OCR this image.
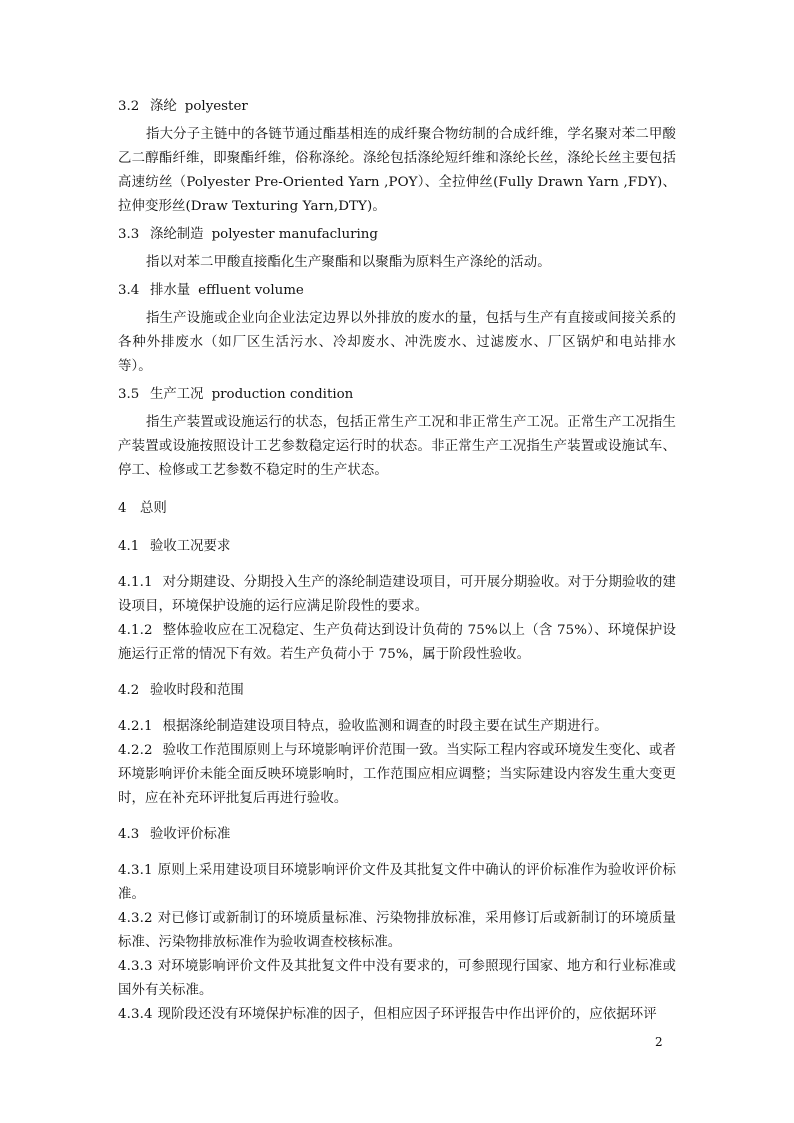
3.2 涤纶 polyester

指大分子主链中的各链节通过酯基相连的成纤聚合物纺制的合成纤维，学名聚对苯二甲酸乙二醇酯纤维，即聚酯纤维，俗称涤纶。涤纶包括涤纶短纤维和涤纶长丝，涤纶长丝主要包括高速纺丝（Polyester Pre-Oriented Yarn ,POY）、全拉伸丝(Fully Drawn Yarn ,FDY)、拉伸变形丝(Draw Texturing Yarn,DTY)。

3.3 涤纶制造 polyester manufacluring

指以对苯二甲酸直接酯化生产聚酯和以聚酯为原料生产涤纶的活动。

3.4 排水量 effluent volume

指生产设施或企业向企业法定边界以外排放的废水的量，包括与生产有直接或间接关系的各种外排废水（如厂区生活污水、冷却废水、冲洗废水、过滤废水、厂区锅炉和电站排水等）。

3.5 生产工况 production condition

指生产装置或设施运行的状态，包括正常生产工况和非正常生产工况。正常生产工况指生产装置或设施按照设计工艺参数稳定运行时的状态。非正常生产工况指生产装置或设施试车、停工、检修或工艺参数不稳定时的生产状态。

4 总则
4.1 验收工况要求

4.1.1 对分期建设、分期投入生产的涤纶制造建设项目，可开展分期验收。对于分期验收的建设项目，环境保护设施的运行应满足阶段性的要求。

4.1.2 整体验收应在工况稳定、生产负荷达到设计负荷的 75%以上（含 75%）、环境保护设施运行正常的情况下有效。若生产负荷小于 75%，属于阶段性验收。

4.2 验收时段和范围

4.2.1 根据涤纶制造建设项目特点，验收监测和调查的时段主要在试生产期进行。

4.2.2 验收工作范围原则上与环境影响评价范围一致。当实际工程内容或环境发生变化、或者环境影响评价未能全面反映环境影响时，工作范围应相应调整；当实际建设内容发生重大变更时，应在补充环评批复后再进行验收。

4.3 验收评价标准

4.3.1 原则上采用建设项目环境影响评价文件及其批复文件中确认的评价标准作为验收评价标准。

4.3.2 对已修订或新制订的环境质量标准、污染物排放标准，采用修订后或新制订的环境质量标准、污染物排放标准作为验收调查校核标准。

4.3.3 对环境影响评价文件及其批复文件中没有要求的，可参照现行国家、地方和行业标准或国外有关标准。

4.3.4 现阶段还没有环境保护标准的因子，但相应因子环评报告中作出评价的，应依据环评

2
